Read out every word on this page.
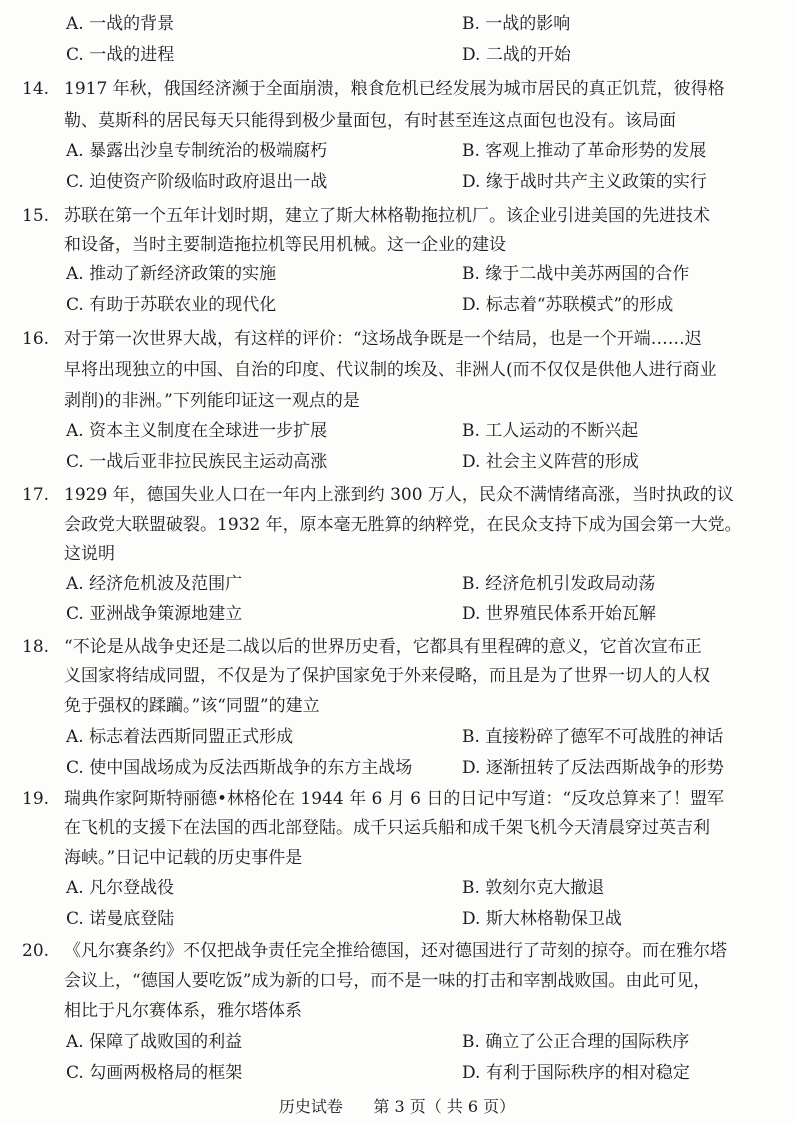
A. 一战的背景	B. 一战的影响
C. 一战的进程	D. 二战的开始
14. 1917 年秋，俄国经济濒于全面崩溃，粮食危机已经发展为城市居民的真正饥荒，彼得格
勒、莫斯科的居民每天只能得到极少量面包，有时甚至连这点面包也没有。该局面
A. 暴露出沙皇专制统治的极端腐朽	B. 客观上推动了革命形势的发展
C. 迫使资产阶级临时政府退出一战	D. 缘于战时共产主义政策的实行
15. 苏联在第一个五年计划时期，建立了斯大林格勒拖拉机厂。该企业引进美国的先进技术
和设备，当时主要制造拖拉机等民用机械。这一企业的建设
A. 推动了新经济政策的实施	B. 缘于二战中美苏两国的合作
C. 有助于苏联农业的现代化	D. 标志着“苏联模式”的形成
16. 对于第一次世界大战，有这样的评价：“这场战争既是一个结局，也是一个开端……迟
早将出现独立的中国、自治的印度、代议制的埃及、非洲人(而不仅仅是供他人进行商业
剥削)的非洲。”下列能印证这一观点的是
A. 资本主义制度在全球进一步扩展	B. 工人运动的不断兴起
C. 一战后亚非拉民族民主运动高涨	D. 社会主义阵营的形成
17. 1929 年，德国失业人口在一年内上涨到约 300 万人，民众不满情绪高涨，当时执政的议
会政党大联盟破裂。1932 年，原本毫无胜算的纳粹党，在民众支持下成为国会第一大党。
这说明
A. 经济危机波及范围广	B. 经济危机引发政局动荡
C. 亚洲战争策源地建立	D. 世界殖民体系开始瓦解
18. “不论是从战争史还是二战以后的世界历史看，它都具有里程碑的意义，它首次宣布正
义国家将结成同盟，不仅是为了保护国家免于外来侵略，而且是为了世界一切人的人权
免于强权的蹂躏。”该“同盟”的建立
A. 标志着法西斯同盟正式形成	B. 直接粉碎了德军不可战胜的神话
C. 使中国战场成为反法西斯战争的东方主战场	D. 逐渐扭转了反法西斯战争的形势
19. 瑞典作家阿斯特丽德•林格伦在 1944 年 6 月 6 日的日记中写道：“反攻总算来了！盟军
在飞机的支援下在法国的西北部登陆。成千只运兵船和成千架飞机今天清晨穿过英吉利
海峡。”日记中记载的历史事件是
A. 凡尔登战役	B. 敦刻尔克大撤退
C. 诺曼底登陆	D. 斯大林格勒保卫战
20. 《凡尔赛条约》不仅把战争责任完全推给德国，还对德国进行了苛刻的掠夺。而在雅尔塔
会议上，“德国人要吃饭”成为新的口号，而不是一味的打击和宰割战败国。由此可见，
相比于凡尔赛体系，雅尔塔体系
A. 保障了战败国的利益	B. 确立了公正合理的国际秩序
C. 勾画两极格局的框架	D. 有利于国际秩序的相对稳定
历史试卷      第 3 页（ 共 6 页）
